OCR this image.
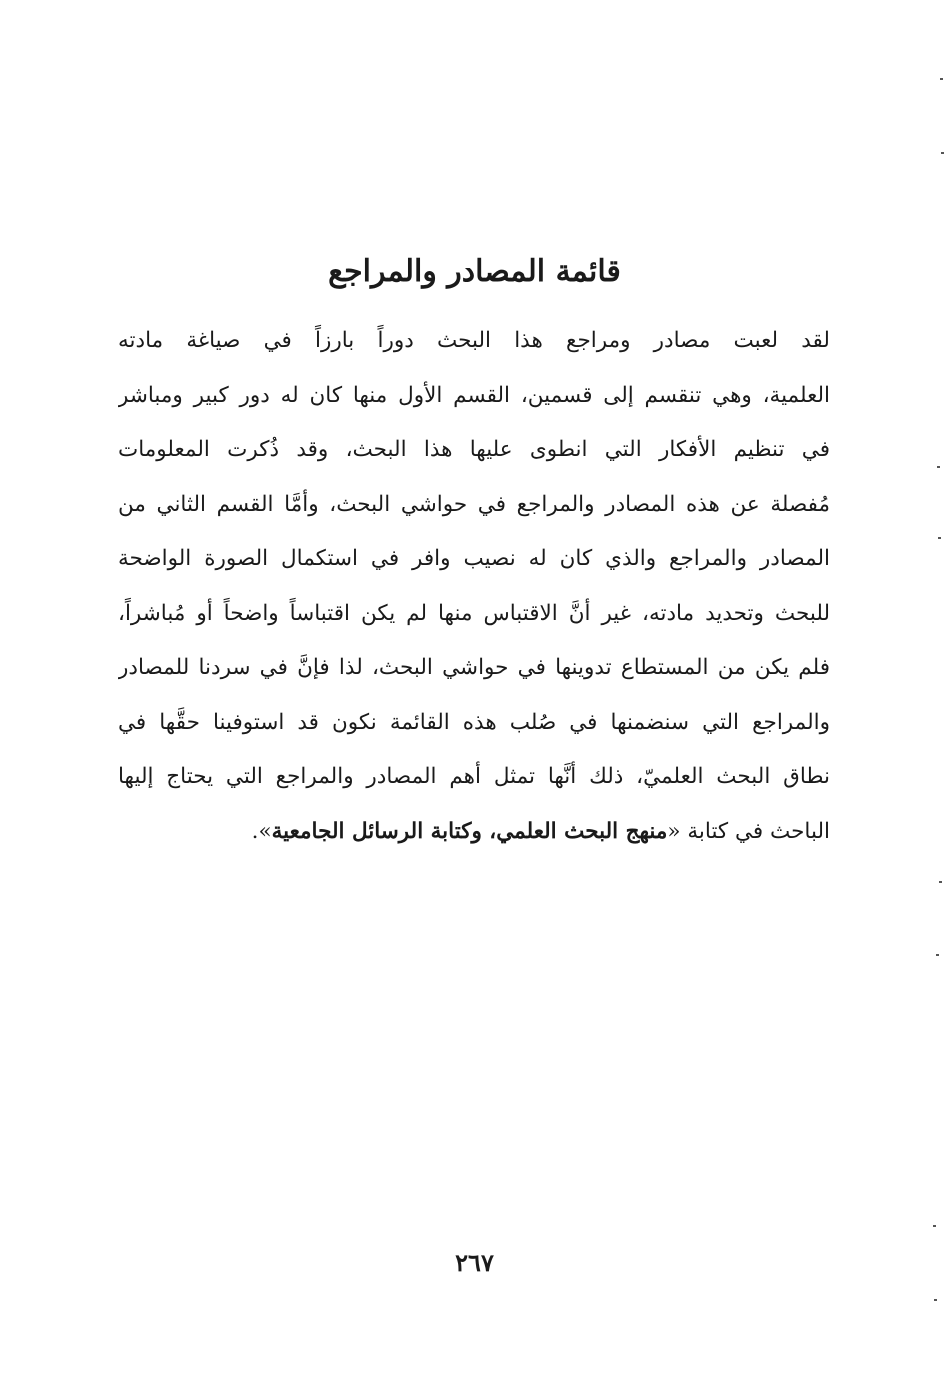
قائمة المصادر والمراجع
لقد لعبت مصادر ومراجع هذا البحث دوراً بارزاً في صياغة مادته
العلمية، وهي تنقسم إلى قسمين، القسم الأول منها كان له دور كبير ومباشر
في تنظيم الأفكار التي انطوى عليها هذا البحث، وقد ذُكرت المعلومات
مُفصلة عن هذه المصادر والمراجع في حواشي البحث، وأمَّا القسم الثاني من
المصادر والمراجع والذي كان له نصيب وافر في استكمال الصورة الواضحة
للبحث وتحديد مادته، غير أنَّ الاقتباس منها لم يكن اقتباساً واضحاً أو مُباشراً،
فلم يكن من المستطاع تدوينها في حواشي البحث، لذا فإنَّ في سردنا للمصادر
والمراجع التي سنضمنها في صُلب هذه القائمة نكون قد استوفينا حقَّها في
نطاق البحث العلميّ، ذلك أنَّها تمثل أهم المصادر والمراجع التي يحتاج إليها
الباحث في كتابة «منهج البحث العلمي، وكتابة الرسائل الجامعية».
٢٦٧
